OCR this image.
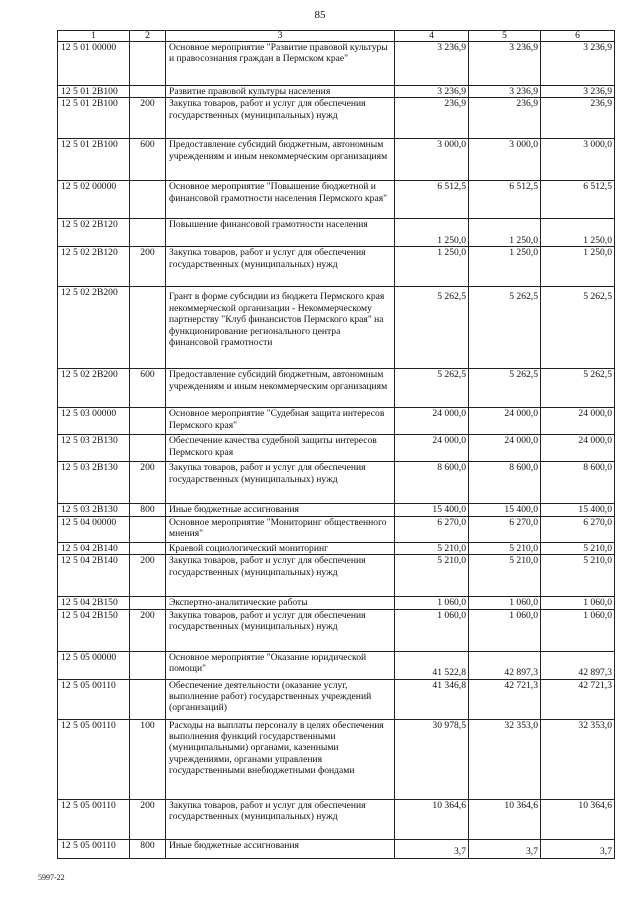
85
1	2	3	4	5	6
12 5 01 00000		Основное мероприятие "Развитие правовой культуры и правосознания граждан в Пермском крае"	3 236,9	3 236,9	3 236,9
12 5 01 2В100		Развитие правовой культуры населения	3 236,9	3 236,9	3 236,9
12 5 01 2В100	200	Закупка товаров, работ и услуг для обеспечения государственных (муниципальных) нужд	236,9	236,9	236,9
12 5 01 2В100	600	Предоставление субсидий бюджетным, автономным учреждениям и иным некоммерческим организациям	3 000,0	3 000,0	3 000,0
12 5 02 00000		Основное мероприятие "Повышение бюджетной и финансовой грамотности населения Пермского края"	6 512,5	6 512,5	6 512,5
12 5 02 2В120		Повышение финансовой грамотности населения	1 250,0	1 250,0	1 250,0
12 5 02 2В120	200	Закупка товаров, работ и услуг для обеспечения государственных (муниципальных) нужд	1 250,0	1 250,0	1 250,0
12 5 02 2В200		Грант в форме субсидии из бюджета Пермского края некоммерческой организации - Некоммерческому партнерству "Клуб финансистов Пермского края" на функционирование регионального центра финансовой грамотности	5 262,5	5 262,5	5 262,5
12 5 02 2В200	600	Предоставление субсидий бюджетным, автономным учреждениям и иным некоммерческим организациям	5 262,5	5 262,5	5 262,5
12 5 03 00000		Основное мероприятие "Судебная защита интересов Пермского края"	24 000,0	24 000,0	24 000,0
12 5 03 2В130		Обеспечение качества судебной защиты интересов Пермского края	24 000,0	24 000,0	24 000,0
12 5 03 2В130	200	Закупка товаров, работ и услуг для обеспечения государственных (муниципальных) нужд	8 600,0	8 600,0	8 600,0
12 5 03 2В130	800	Иные бюджетные ассигнования	15 400,0	15 400,0	15 400,0
12 5 04 00000		Основное мероприятие "Мониторинг общественного мнения"	6 270,0	6 270,0	6 270,0
12 5 04 2В140		Краевой социологический мониторинг	5 210,0	5 210,0	5 210,0
12 5 04 2В140	200	Закупка товаров, работ и услуг для обеспечения государственных (муниципальных) нужд	5 210,0	5 210,0	5 210,0
12 5 04 2В150		Экспертно-аналитические работы	1 060,0	1 060,0	1 060,0
12 5 04 2В150	200	Закупка товаров, работ и услуг для обеспечения государственных (муниципальных) нужд	1 060,0	1 060,0	1 060,0
12 5 05 00000		Основное мероприятие "Оказание юридической помощи"	41 522,8	42 897,3	42 897,3
12 5 05 00110		Обеспечение деятельности (оказание услуг, выполнение работ) государственных учреждений (организаций)	41 346,8	42 721,3	42 721,3
12 5 05 00110	100	Расходы на выплаты персоналу в целях обеспечения выполнения функций государственными (муниципальными) органами, казенными учреждениями, органами управления государственными внебюджетными фондами	30 978,5	32 353,0	32 353,0
12 5 05 00110	200	Закупка товаров, работ и услуг для обеспечения государственных (муниципальных) нужд	10 364,6	10 364,6	10 364,6
12 5 05 00110	800	Иные бюджетные ассигнования	3,7	3,7	3,7
5997-22
